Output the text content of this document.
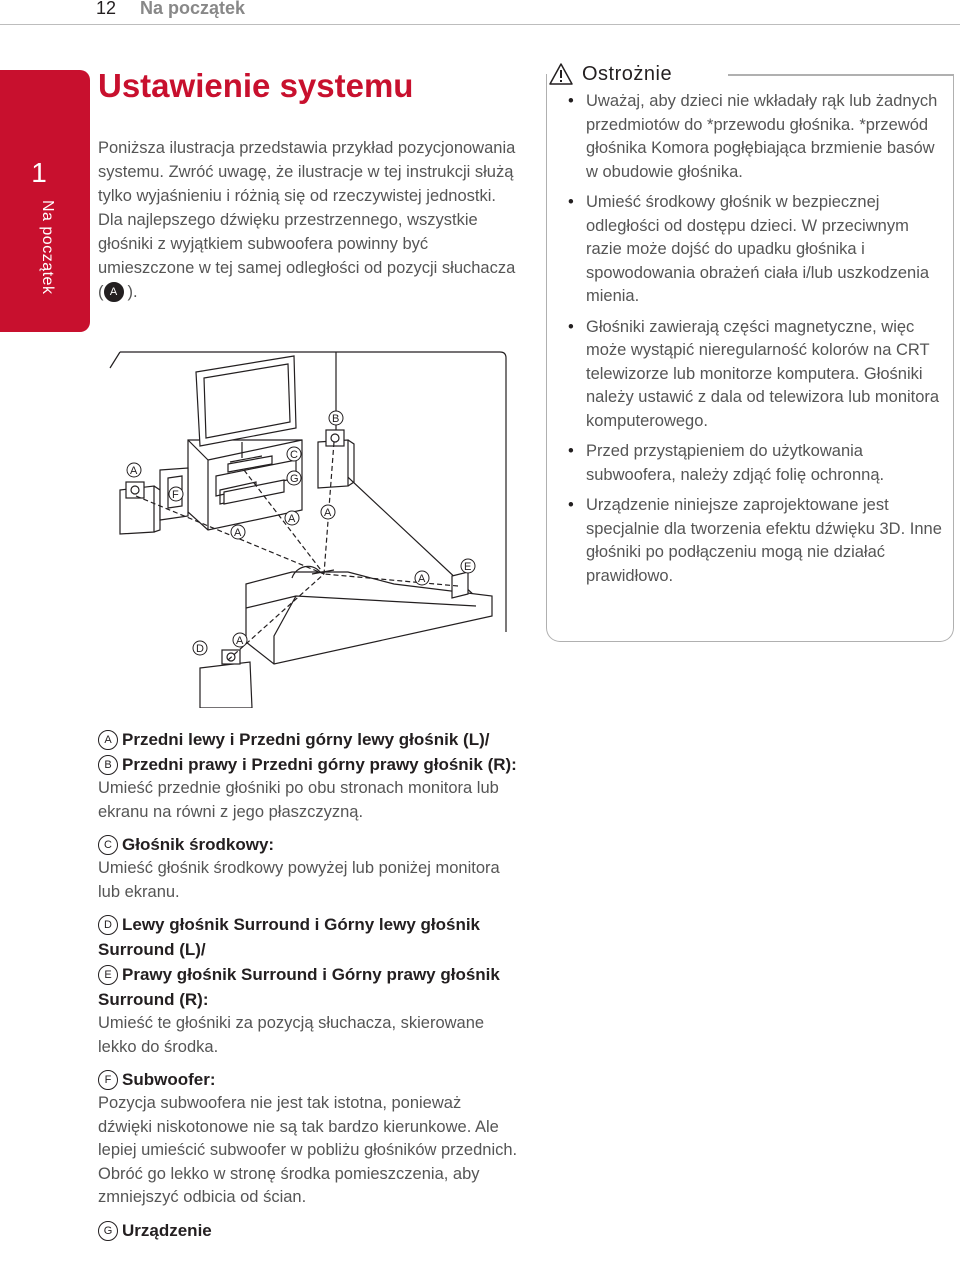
12 Na początek
1
Na początek
Ustawienie systemu

Poniższa ilustracja przedstawia przykład pozycjonowania systemu. Zwróć uwagę, że ilustracje w tej instrukcji służą tylko wyjaśnieniu i różnią się od rzeczywistej jednostki. Dla najlepszego dźwięku przestrzennego, wszystkie głośniki z wyjątkiem subwoofera powinny być umieszczone w tej samej odległości od pozycji słuchacza ( A ).

A
F
B
C
G
A
A	A
A
E
D
A
Ostrożnie
• Uważaj, aby dzieci nie wkładały rąk lub żadnych przedmiotów do *przewodu głośnika. *przewód głośnika Komora pogłębiająca brzmienie basów w obudowie głośnika.
• Umieść środkowy głośnik w bezpiecznej odległości od dostępu dzieci. W przeciwnym razie może dojść do upadku głośnika i spowodowania obrażeń ciała i/lub uszkodzenia mienia.
• Głośniki zawierają części magnetyczne, więc może wystąpić nieregularność kolorów na CRT telewizorze lub monitorze komputera. Głośniki należy ustawić z dala od telewizora lub monitora komputerowego.
• Przed przystąpieniem do użytkowania subwoofera, należy zdjąć folię ochronną.
• Urządzenie niniejsze zaprojektowane jest specjalnie dla tworzenia efektu dźwięku 3D. Inne głośniki po podłączeniu mogą nie działać prawidłowo.
A Przedni lewy i Przedni górny lewy głośnik (L)/
B Przedni prawy i Przedni górny prawy głośnik (R):
Umieść przednie głośniki po obu stronach monitora lub ekranu na równi z jego płaszczyzną.
C Głośnik środkowy:
Umieść głośnik środkowy powyżej lub poniżej monitora lub ekranu.
D Lewy głośnik Surround i Górny lewy głośnik Surround (L)/
E Prawy głośnik Surround i Górny prawy głośnik Surround (R):
Umieść te głośniki za pozycją słuchacza, skierowane lekko do środka.
F Subwoofer:
Pozycja subwoofera nie jest tak istotna, ponieważ dźwięki niskotonowe nie są tak bardzo kierunkowe. Ale lepiej umieścić subwoofer w pobliżu głośników przednich. Obróć go lekko w stronę środka pomieszczenia, aby zmniejszyć odbicia od ścian.
G Urządzenie
